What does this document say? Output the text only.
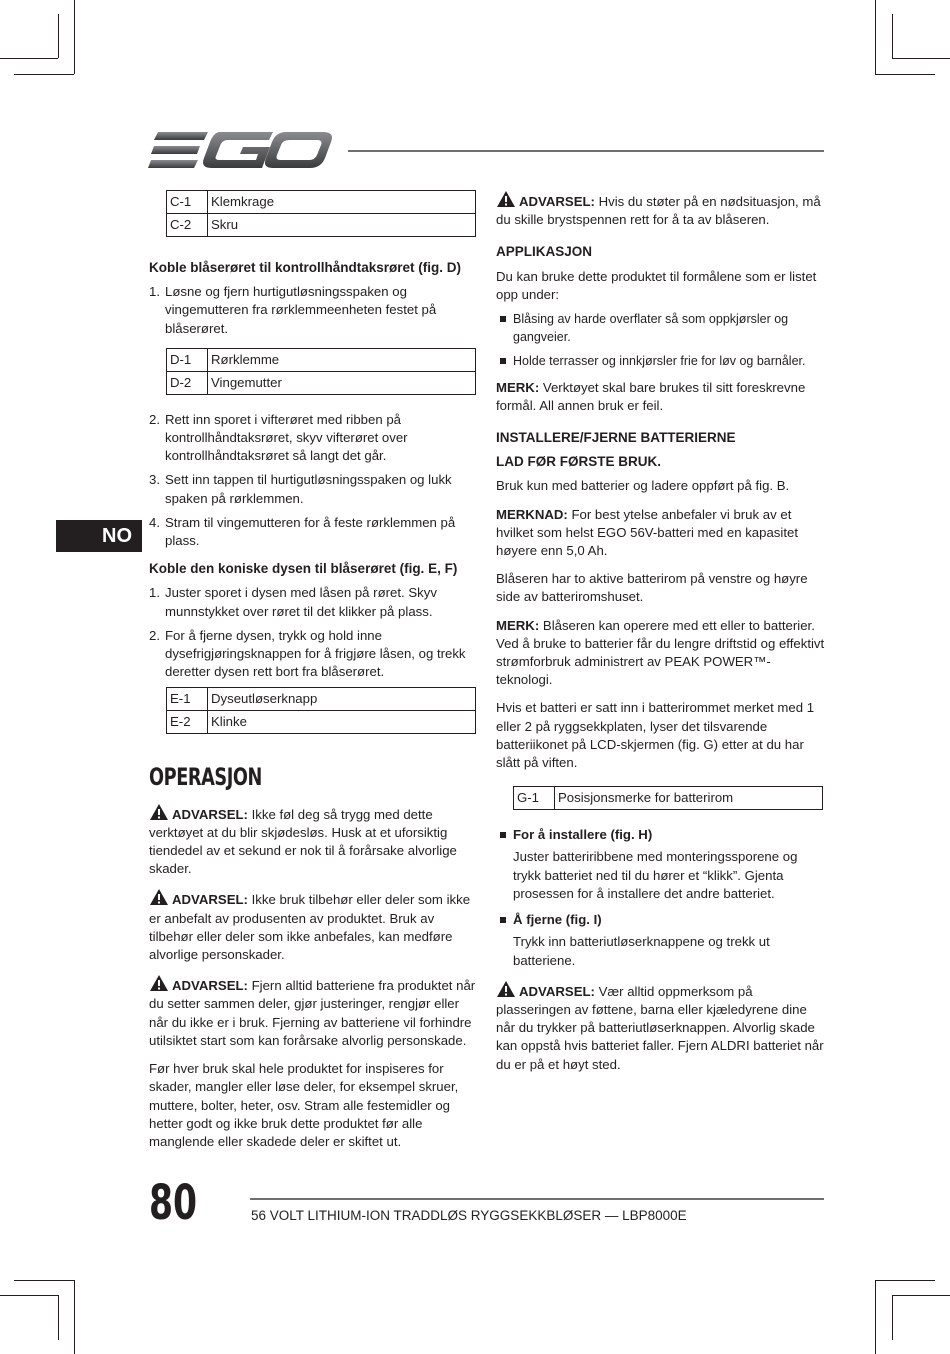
NO
C-1	Klemkrage
C-2	Skru
Koble blåserøret til kontrollhåndtaksrøret (fig. D)
1. Løsne og fjern hurtigutløsningsspaken og vingemutteren fra rørklemmeenheten festet på blåserøret.
D-1	Rørklemme
D-2	Vingemutter
2. Rett inn sporet i vifterøret med ribben på kontrollhåndtaksrøret, skyv vifterøret over kontrollhåndtaksrøret så langt det går.
3. Sett inn tappen til hurtigutløsningsspaken og lukk spaken på rørklemmen.
4. Stram til vingemutteren for å feste rørklemmen på plass.
Koble den koniske dysen til blåserøret (fig. E, F)
1. Juster sporet i dysen med låsen på røret. Skyv munnstykket over røret til det klikker på plass.
2. For å fjerne dysen, trykk og hold inne dysefrigjøringsknappen for å frigjøre låsen, og trekk deretter dysen rett bort fra blåserøret.
E-1	Dyseutløserknapp
E-2	Klinke
OPERASJON

ADVARSEL: Ikke føl deg så trygg med dette verktøyet at du blir skjødesløs. Husk at et uforsiktig tiendedel av et sekund er nok til å forårsake alvorlige skader.

ADVARSEL: Ikke bruk tilbehør eller deler som ikke er anbefalt av produsenten av produktet. Bruk av tilbehør eller deler som ikke anbefales, kan medføre alvorlige personskader.

ADVARSEL: Fjern alltid batteriene fra produktet når du setter sammen deler, gjør justeringer, rengjør eller når du ikke er i bruk. Fjerning av batteriene vil forhindre utilsiktet start som kan forårsake alvorlig personskade.

Før hver bruk skal hele produktet for inspiseres for skader, mangler eller løse deler, for eksempel skruer, muttere, bolter, heter, osv. Stram alle festemidler og hetter godt og ikke bruk dette produktet før alle manglende eller skadede deler er skiftet ut.

ADVARSEL: Hvis du støter på en nødsituasjon, må du skille brystspennen rett for å ta av blåseren.

APPLIKASJON

Du kan bruke dette produktet til formålene som er listet opp under:

Blåsing av harde overflater så som oppkjørsler og gangveier.
Holde terrasser og innkjørsler frie for løv og barnåler.

MERK: Verktøyet skal bare brukes til sitt foreskrevne formål. All annen bruk er feil.

INSTALLERE/FJERNE BATTERIERNE
LAD FØR FØRSTE BRUK.

Bruk kun med batterier og ladere oppført på fig. B.

MERKNAD: For best ytelse anbefaler vi bruk av et hvilket som helst EGO 56V-batteri med en kapasitet høyere enn 5,0 Ah.

Blåseren har to aktive batterirom på venstre og høyre side av batteriromshuset.

MERK: Blåseren kan operere med ett eller to batterier. Ved å bruke to batterier får du lengre driftstid og effektivt strømforbruk administrert av PEAK POWER™-teknologi.

Hvis et batteri er satt inn i batterirommet merket med 1 eller 2 på ryggsekkplaten, lyser det tilsvarende batteriikonet på LCD-skjermen (fig. G) etter at du har slått på viften.

G-1	Posisjonsmerke for batterirom
For å installere (fig. H)
Juster batteriribbene med monteringssporene og trykk batteriet ned til du hører et “klikk”. Gjenta prosessen for å installere det andre batteriet.
Å fjerne (fig. I)
Trykk inn batteriutløserknappene og trekk ut batteriene.

ADVARSEL: Vær alltid oppmerksom på plasseringen av føttene, barna eller kjæledyrene dine når du trykker på batteriutløserknappen. Alvorlig skade kan oppstå hvis batteriet faller. Fjern ALDRI batteriet når du er på et høyt sted.

80	56 VOLT LITHIUM-ION TRADDLØS RYGGSEKKBLØSER — LBP8000E
